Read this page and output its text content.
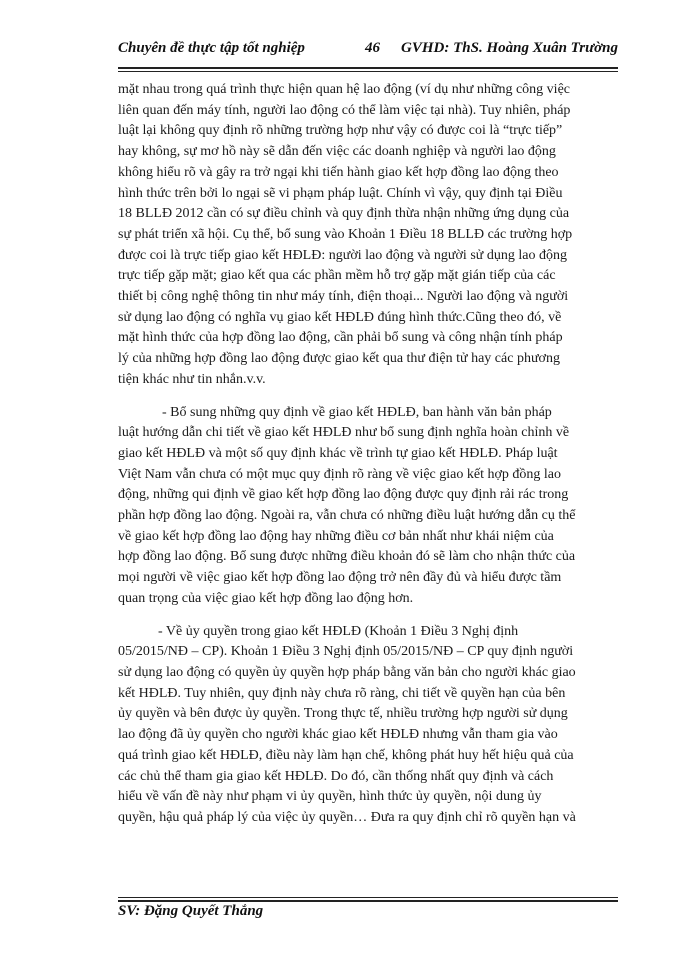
Chuyên đề thực tập tốt nghiệp	46 GVHD: ThS. Hoàng Xuân Trường
mặt nhau trong quá trình thực hiện quan hệ lao động (ví dụ như những công việc
liên quan đến máy tính, người lao động có thể làm việc tại nhà). Tuy nhiên, pháp
luật lại không quy định rõ những trường hợp như vậy có được coi là “trực tiếp”
hay không, sự mơ hồ này sẽ dẫn đến việc các doanh nghiệp và người lao động
không hiểu rõ và gây ra trở ngại khi tiến hành giao kết hợp đồng lao động theo
hình thức trên bởi lo ngại sẽ vi phạm pháp luật. Chính vì vậy, quy định tại Điều
18 BLLĐ 2012 cần có sự điều chỉnh và quy định thừa nhận những ứng dụng của
sự phát triển xã hội. Cụ thể, bổ sung vào Khoản 1 Điều 18 BLLĐ các trường hợp
được coi là trực tiếp giao kết HĐLĐ: người lao động và người sử dụng lao động
trực tiếp gặp mặt; giao kết qua các phần mềm hỗ trợ gặp mặt gián tiếp của các
thiết bị công nghệ thông tin như máy tính, điện thoại... Người lao động và người
sử dụng lao động có nghĩa vụ giao kết HĐLĐ đúng hình thức.Cũng theo đó, về
mặt hình thức của hợp đồng lao động, cần phải bổ sung và công nhận tính pháp
lý của những hợp đồng lao động được giao kết qua thư điện tử hay các phương
tiện khác như tin nhắn.v.v.
- Bổ sung những quy định về giao kết HĐLĐ, ban hành văn bản pháp
luật hướng dẫn chi tiết về giao kết HĐLĐ như bổ sung định nghĩa hoàn chỉnh về
giao kết HĐLĐ và một số quy định khác về trình tự giao kết HĐLĐ. Pháp luật
Việt Nam vẫn chưa có một mục quy định rõ ràng về việc giao kết hợp đồng lao
động, những qui định về giao kết hợp đồng lao động được quy định rải rác trong
phần hợp đồng lao động. Ngoài ra, vẫn chưa có những điều luật hướng dẫn cụ thể
về giao kết hợp đồng lao động hay những điều cơ bản nhất như khái niệm của
hợp đồng lao động. Bổ sung được những điều khoản đó sẽ làm cho nhận thức của
mọi người về việc giao kết hợp đồng lao động trở nên đầy đủ và hiểu được tầm
quan trọng của việc giao kết hợp đồng lao động hơn.
- Về ủy quyền trong giao kết HĐLĐ (Khoản 1 Điều 3 Nghị định
05/2015/NĐ – CP). Khoản 1 Điều 3 Nghị định 05/2015/NĐ – CP quy định người
sử dụng lao động có quyền ủy quyền hợp pháp bằng văn bản cho người khác giao
kết HĐLĐ. Tuy nhiên, quy định này chưa rõ ràng, chi tiết về quyền hạn của bên
ủy quyền và bên được ủy quyền. Trong thực tế, nhiều trường hợp người sử dụng
lao động đã ủy quyền cho người khác giao kết HĐLĐ nhưng vẫn tham gia vào
quá trình giao kết HĐLĐ, điều này làm hạn chế, không phát huy hết hiệu quả của
các chủ thể tham gia giao kết HĐLĐ. Do đó, cần thống nhất quy định và cách
hiểu về vấn đề này như phạm vi ủy quyền, hình thức ủy quyền, nội dung ủy
quyền, hậu quả pháp lý của việc ủy quyền… Đưa ra quy định chỉ rõ quyền hạn và
SV: Đặng Quyết Thắng
